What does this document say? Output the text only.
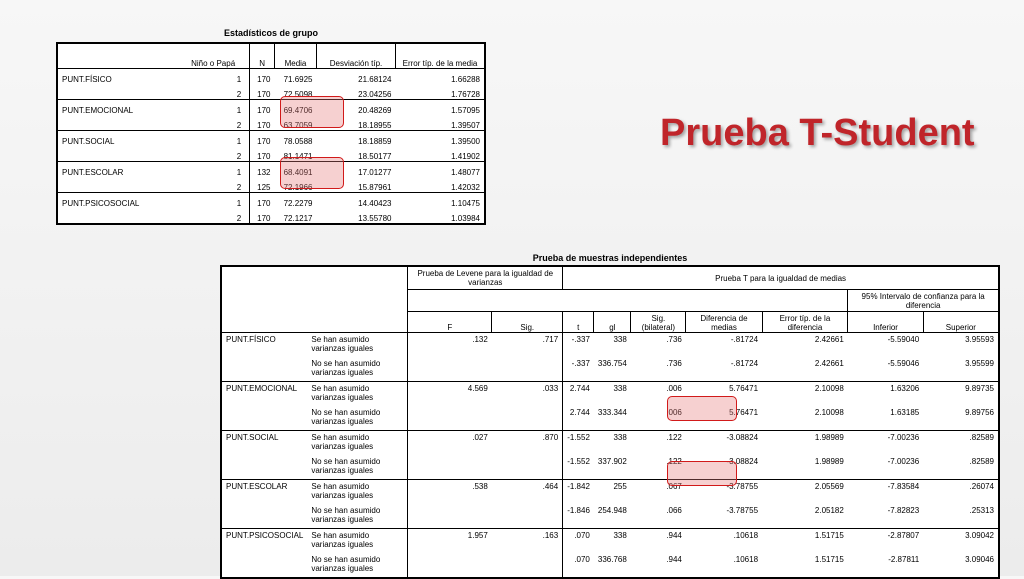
Estadísticos de grupo
Niño o Papá		N	Media	Desviación típ.	Error típ. de la media
PUNT.FÍSICO	1	170	71.6925	21.68124	1.66288
	2	170	72.5098	23.04256	1.76728
PUNT.EMOCIONAL	1	170	69.4706	20.48269	1.57095
	2	170	63.7059	18.18955	1.39507
PUNT.SOCIAL	1	170	78.0588	18.18859	1.39500
	2	170	81.1471	18.50177	1.41902
PUNT.ESCOLAR	1	132	68.4091	17.01277	1.48077
	2	125	72.1966	15.87961	1.42032
PUNT.PSICOSOCIAL	1	170	72.2279	14.40423	1.10475
	2	170	72.1217	13.55780	1.03984
Prueba de muestras independientes
		Prueba de Levene para la igualdad de varianzas		Prueba T para la igualdad de medias						
									95% Intervalo de confianza para la diferencia	
		F	Sig.	t	gl	Sig. (bilateral)	Diferencia de medias	Error típ. de la diferencia	Inferior	Superior
PUNT.FÍSICO	Se han asumido varianzas iguales	.132	.717	-.337	338	.736	-.81724	2.42661	-5.59040	3.95593
	No se han asumido varianzas iguales			-.337	336.754	.736	-.81724	2.42661	-5.59046	3.95599
PUNT.EMOCIONAL	Se han asumido varianzas iguales	4.569	.033	2.744	338	.006	5.76471	2.10098	1.63206	9.89735
	No se han asumido varianzas iguales			2.744	333.344	.006	5.76471	2.10098	1.63185	9.89756
PUNT.SOCIAL	Se han asumido varianzas iguales	.027	.870	-1.552	338	.122	-3.08824	1.98989	-7.00236	.82589
	No se han asumido varianzas iguales			-1.552	337.902	.122	-3.08824	1.98989	-7.00236	.82589
PUNT.ESCOLAR	Se han asumido varianzas iguales	.538	.464	-1.842	255	.067	-3.78755	2.05569	-7.83584	.26074
	No se han asumido varianzas iguales			-1.846	254.948	.066	-3.78755	2.05182	-7.82823	.25313
PUNT.PSICOSOCIAL	Se han asumido varianzas iguales	1.957	.163	.070	338	.944	.10618	1.51715	-2.87807	3.09042
	No se han asumido varianzas iguales			.070	336.768	.944	.10618	1.51715	-2.87811	3.09046
Prueba T-Student
